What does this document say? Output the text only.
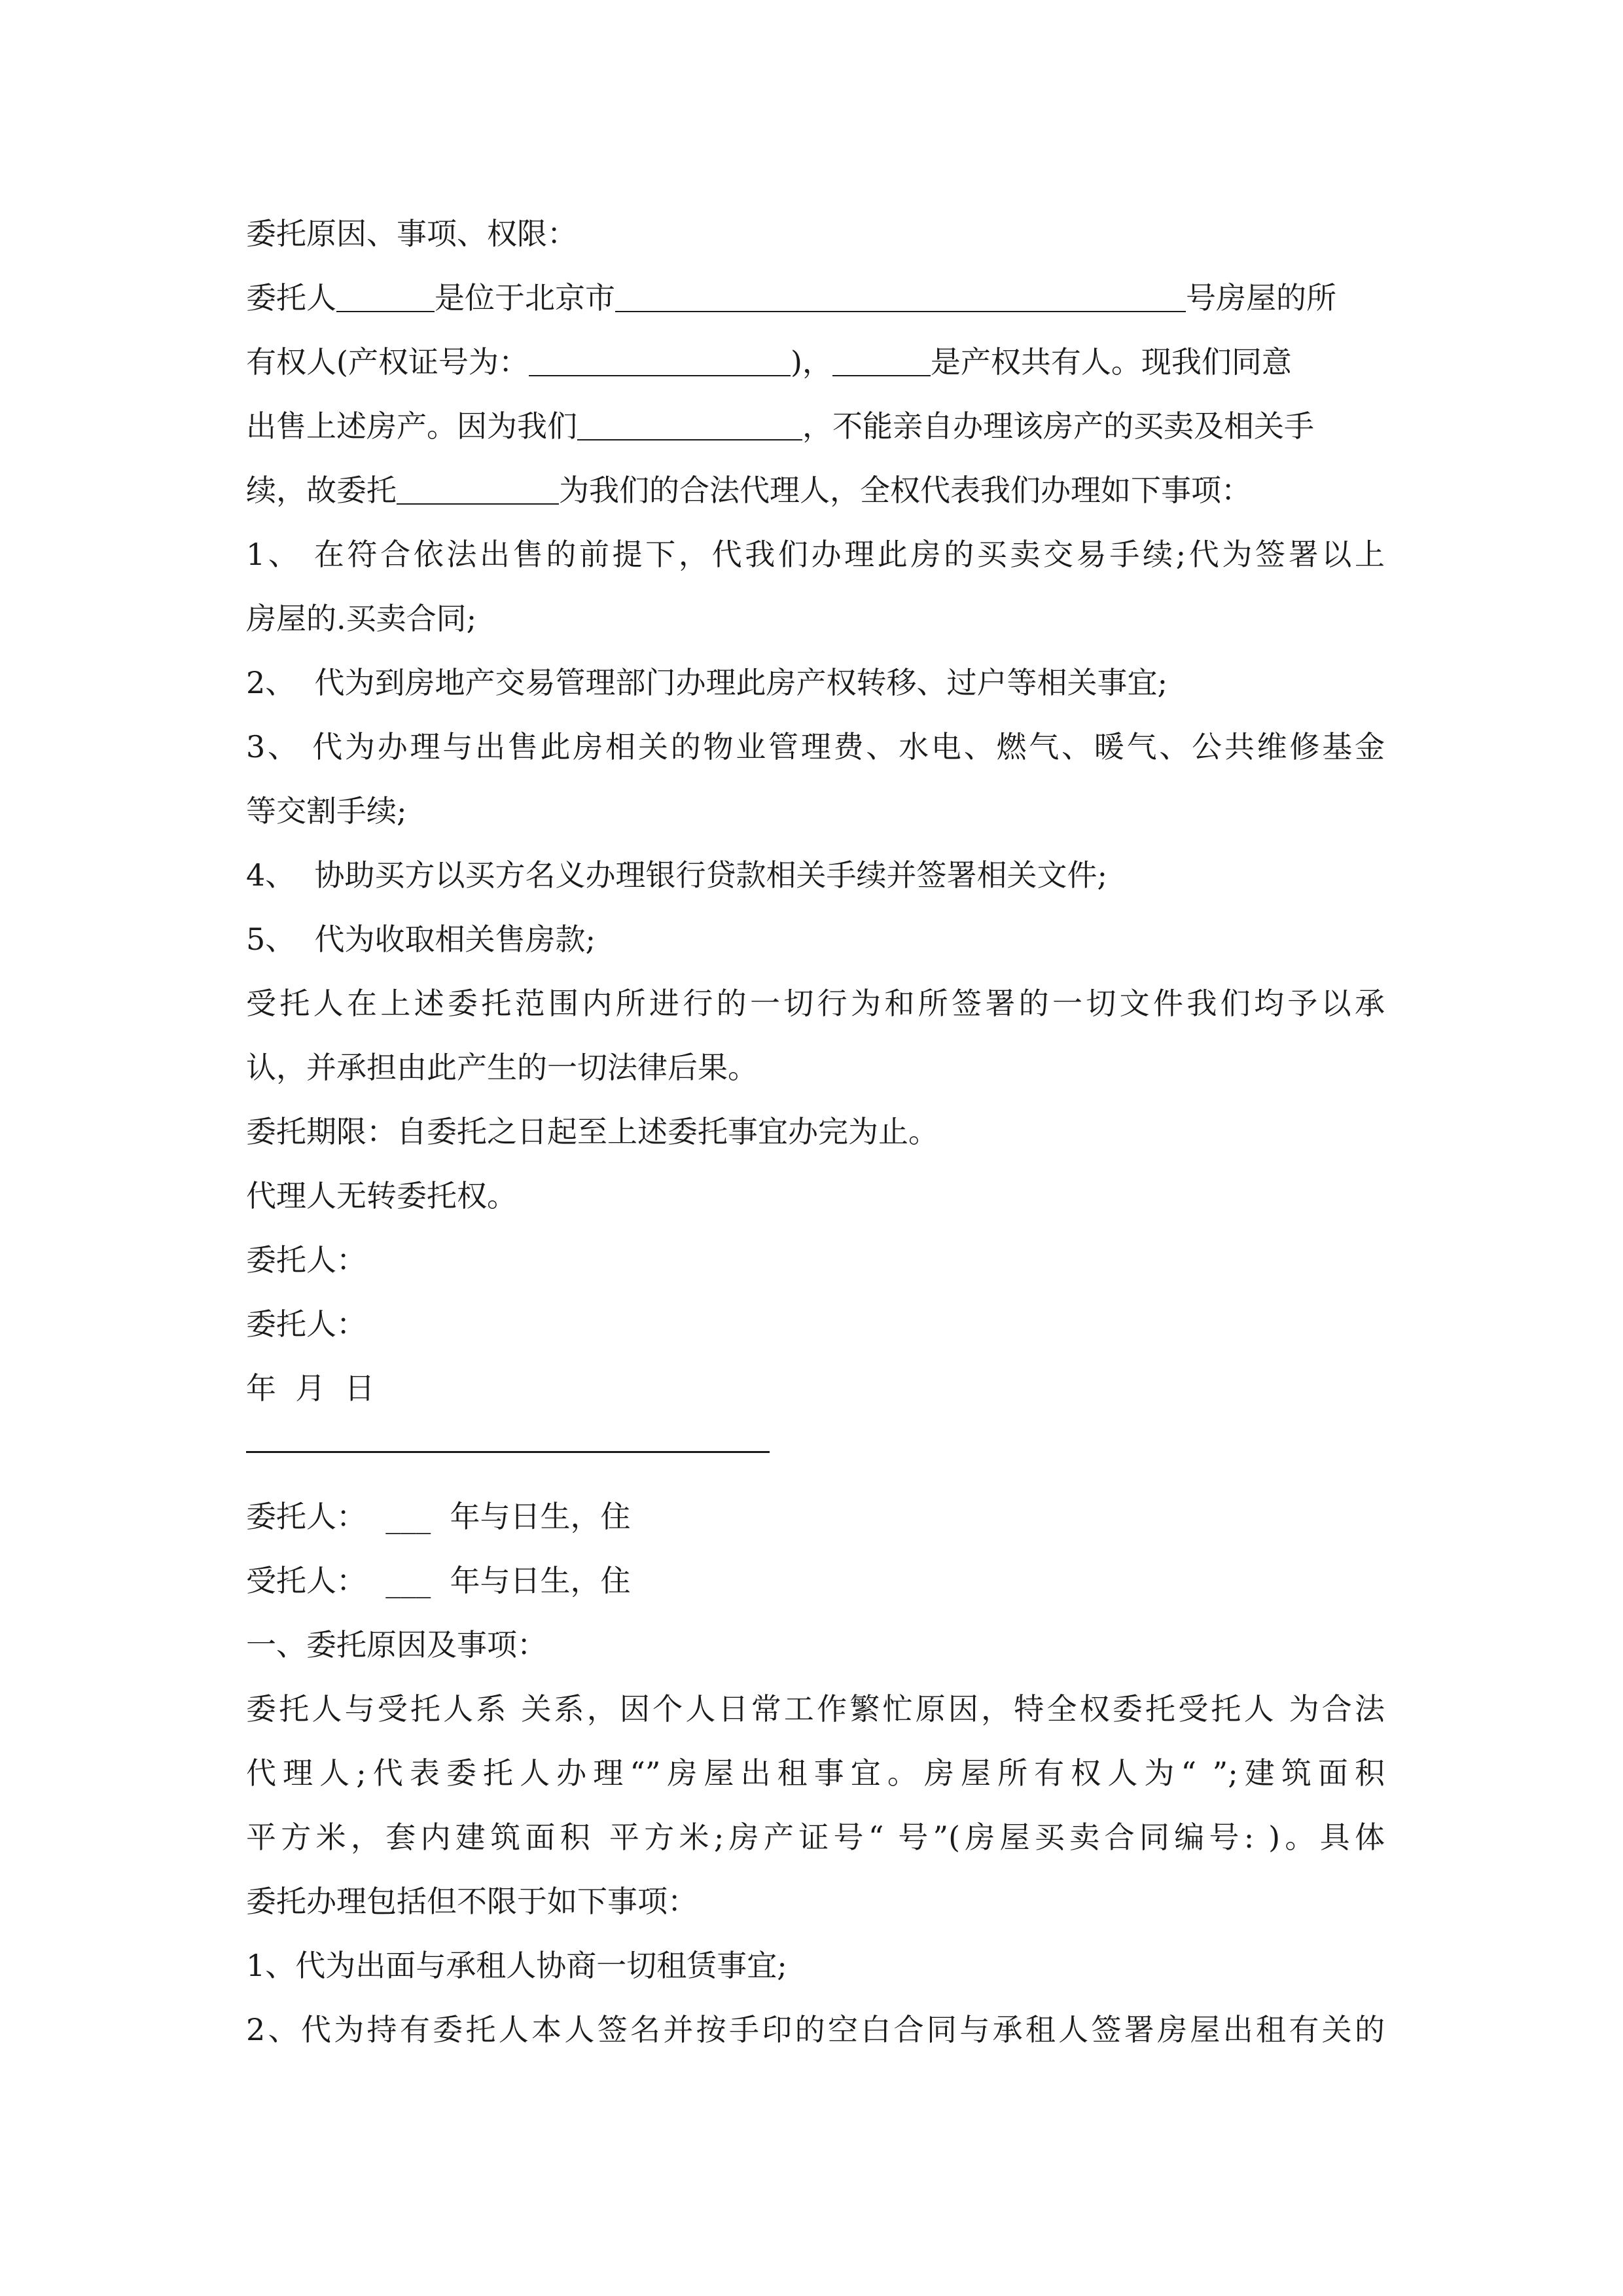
委托原因、事项、权限：
委托人	是位于北京市	号房屋的所
有权人(产权证号为：	)，	是产权共有人。现我们同意
出售上述房产。因为我们	，不能亲自办理该房产的买卖及相关手
续，故委托	为我们的合法代理人，全权代表我们办理如下事项：
1、 在符合依法出售的前提下，代我们办理此房的买卖交易手续;代为签署以上
房屋的.买卖合同;
2、  代为到房地产交易管理部门办理此房产权转移、过户等相关事宜;
3、 代为办理与出售此房相关的物业管理费、水电、燃气、暖气、公共维修基金
等交割手续;
4、  协助买方以买方名义办理银行贷款相关手续并签署相关文件;
5、  代为收取相关售房款;
受托人在上述委托范围内所进行的一切行为和所签署的一切文件我们均予以承
认，并承担由此产生的一切法律后果。
委托期限：自委托之日起至上述委托事宜办完为止。
代理人无转委托权。
委托人：
委托人：
年  月  日
委托人：  ___  年与日生，住
受托人：  ___  年与日生，住
一、委托原因及事项：
委托人与受托人系 关系，因个人日常工作繁忙原因，特全权委托受托人 为合法
代理人;代表委托人办理“”房屋出租事宜。房屋所有权人为“ ”;建筑面积
平方米，套内建筑面积 平方米;房产证号“ 号”(房屋买卖合同编号: )。具体
委托办理包括但不限于如下事项：
1、代为出面与承租人协商一切租赁事宜;
2、代为持有委托人本人签名并按手印的空白合同与承租人签署房屋出租有关的
